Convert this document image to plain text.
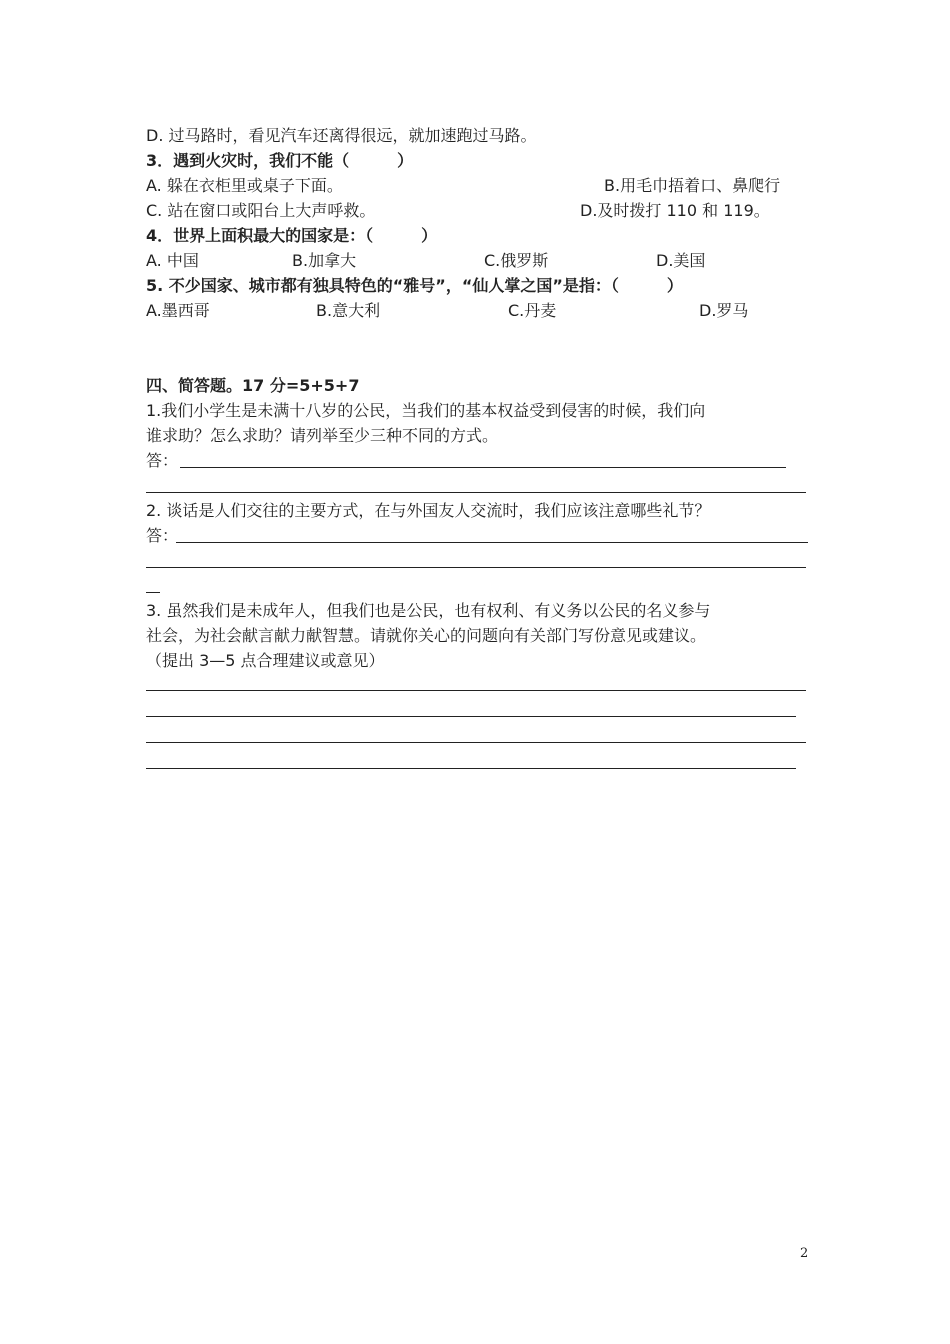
D. 过马路时，看见汽车还离得很远，就加速跑过马路。
3．遇到火灾时，我们不能（　　　）
A. 躲在衣柜里或桌子下面。	B.用毛巾捂着口、鼻爬行
C. 站在窗口或阳台上大声呼救。	D.及时拨打 110 和 119。
4．世界上面积最大的国家是：（　　　）
A. 中国	B.加拿大	C.俄罗斯	D.美国
5. 不少国家、城市都有独具特色的“雅号”，“仙人掌之国”是指：（　　　）
A.墨西哥	B.意大利	C.丹麦	D.罗马
四、简答题。17 分=5+5+7
1.我们小学生是未满十八岁的公民，当我们的基本权益受到侵害的时候，我们向
谁求助？怎么求助？请列举至少三种不同的方式。
答：
2. 谈话是人们交往的主要方式，在与外国友人交流时，我们应该注意哪些礼节？
答：
3. 虽然我们是未成年人，但我们也是公民，也有权利、有义务以公民的名义参与
社会，为社会献言献力献智慧。请就你关心的问题向有关部门写份意见或建议。
（提出 3—5 点合理建议或意见）
2
